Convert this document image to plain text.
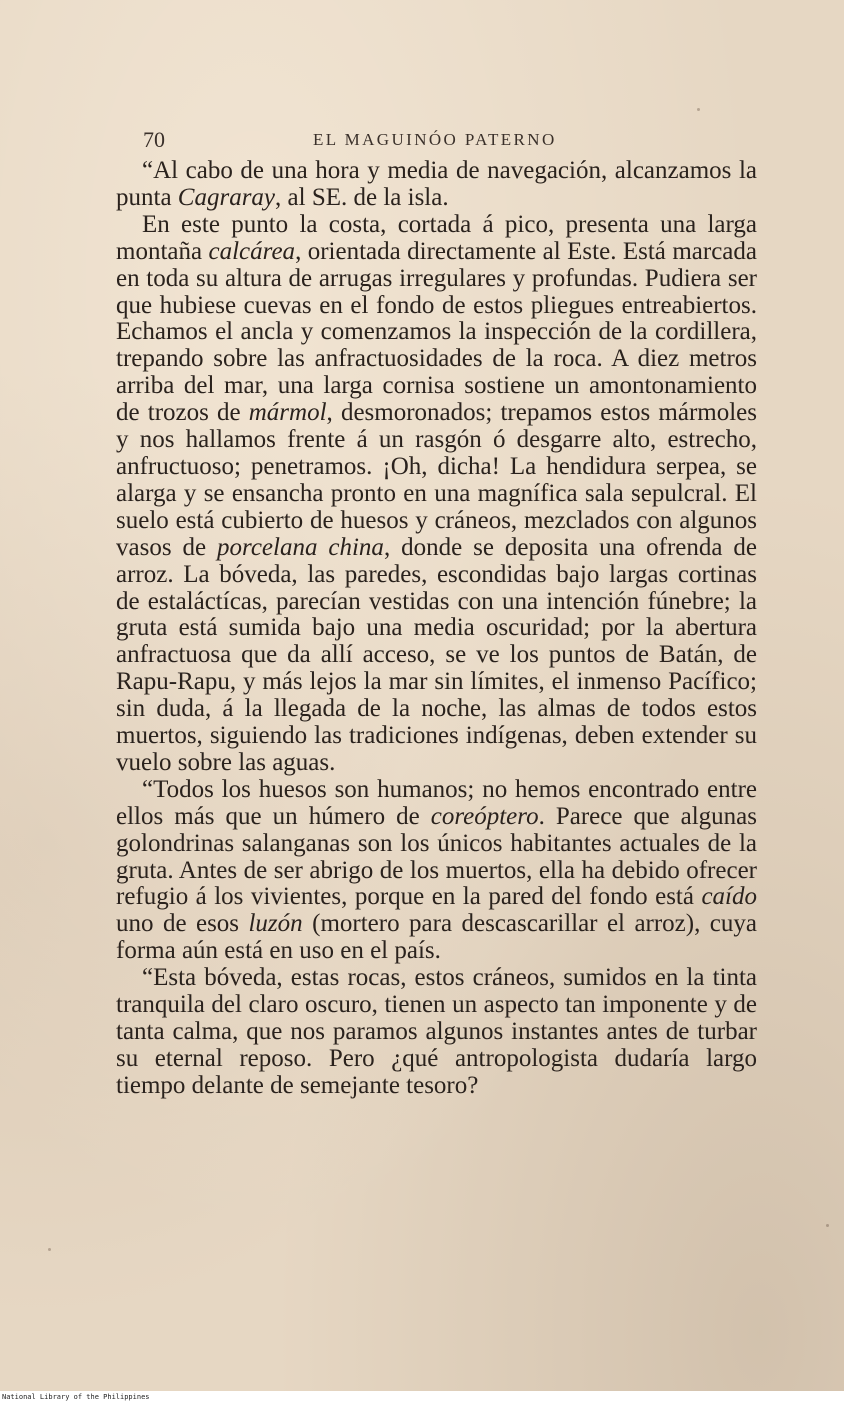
70	EL MAGUINÓO PATERNO

“Al cabo de una hora y media de navegación, alcanzamos la punta Cagraray, al SE. de la isla.

En este punto la costa, cortada á pico, presenta una larga montaña calcárea, orientada directamente al Este. Está marcada en toda su altura de arrugas irregulares y profundas. Pudiera ser que hubiese cuevas en el fondo de estos pliegues entreabiertos. Echamos el ancla y comenzamos la inspección de la cordillera, trepando sobre las anfractuosidades de la roca. A diez metros arriba del mar, una larga cornisa sostiene un amontonamiento de trozos de mármol, desmoronados; trepamos estos mármoles y nos hallamos frente á un rasgón ó desgarre alto, estrecho, anfructuoso; penetramos. ¡Oh, dicha! La hendidura serpea, se alarga y se ensancha pronto en una magnífica sala sepulcral. El suelo está cubierto de huesos y cráneos, mezclados con algunos vasos de porcelana china, donde se deposita una ofrenda de arroz. La bóveda, las paredes, escondidas bajo largas cortinas de estaláctícas, parecían vestidas con una intención fúnebre; la gruta está sumida bajo una media oscuridad; por la abertura anfractuosa que da allí acceso, se ve los puntos de Batán, de Rapu-Rapu, y más lejos la mar sin límites, el inmenso Pacífico; sin duda, á la llegada de la noche, las almas de todos estos muertos, siguiendo las tradiciones indígenas, deben extender su vuelo sobre las aguas.

“Todos los huesos son humanos; no hemos encontrado entre ellos más que un húmero de coreóptero. Parece que algunas golondrinas salanganas son los únicos habitantes actuales de la gruta. Antes de ser abrigo de los muertos, ella ha debido ofrecer refugio á los vivientes, porque en la pared del fondo está caído uno de esos luzón (mortero para descascarillar el arroz), cuya forma aún está en uso en el país.

“Esta bóveda, estas rocas, estos cráneos, sumidos en la tinta tranquila del claro oscuro, tienen un aspecto tan imponente y de tanta calma, que nos paramos algunos instantes antes de turbar su eternal reposo. Pero ¿qué antropologista dudaría largo tiempo delante de semejante tesoro?

National Library of the Philippines
